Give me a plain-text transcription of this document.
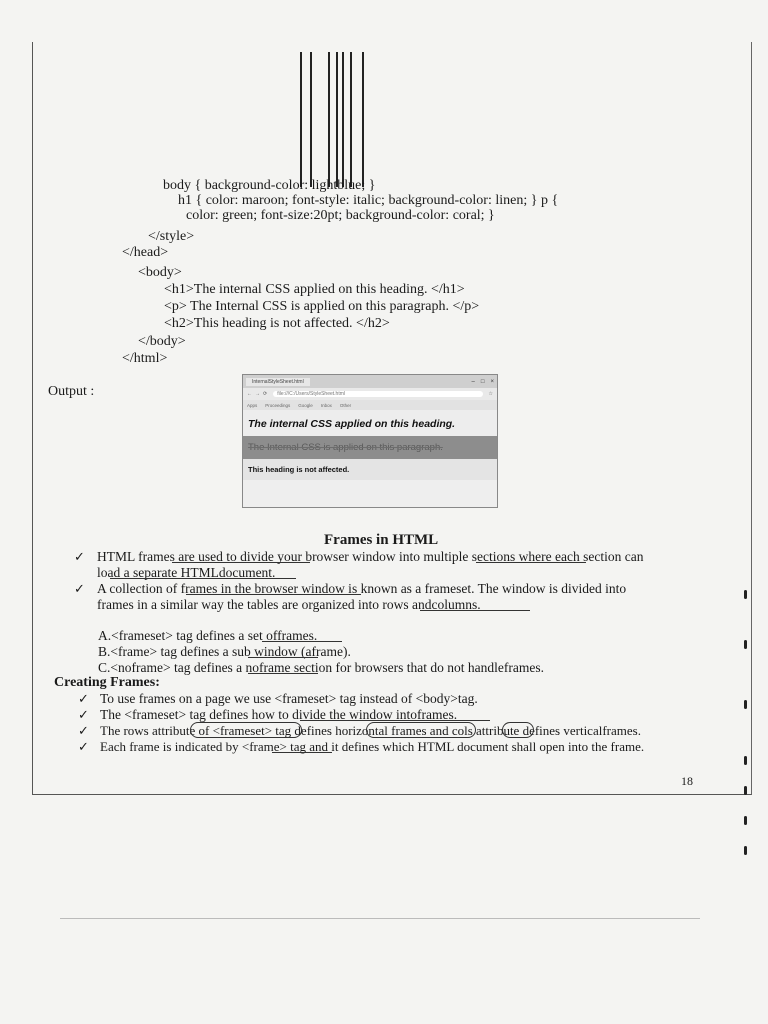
body { background-color: lightblue; }
h1 { color: maroon; font-style: italic; background-color: linen; } p {
color: green; font-size:20pt; background-color: coral; }
</style>
</head>
<body>
<h1>The internal CSS applied on this heading. </h1>
<p> The Internal CSS is applied on this paragraph. </p>
<h2>This heading is not affected. </h2>
</body>
</html>
Output :
InternalStyleSheet.html	– □ ×
← → ⟳	file:///C:/Users/StyleSheet.html	☆
Apps Proceedings Google Inbox Other
The internal CSS applied on this heading.
The Internal CSS is applied on this paragraph.
This heading is not affected.
Frames in HTML
✓ HTML frames are used to divide your browser window into multiple sections where each section can
load a separate HTMLdocument.
✓ A collection of frames in the browser window is known as a frameset. The window is divided into
frames in a similar way the tables are organized into rows andcolumns.
A.<frameset> tag defines a set offrames.
B.<frame> tag defines a sub window (aframe).
C.<noframe> tag defines a noframe section for browsers that do not handleframes.
Creating Frames:
✓ To use frames on a page we use <frameset> tag instead of <body>tag.
✓ The <frameset> tag defines how to divide the window intoframes.
✓ The rows attribute of <frameset> tag defines horizontal frames and cols attribute defines verticalframes.
✓ Each frame is indicated by <frame> tag and it defines which HTML document shall open into the frame.
18
